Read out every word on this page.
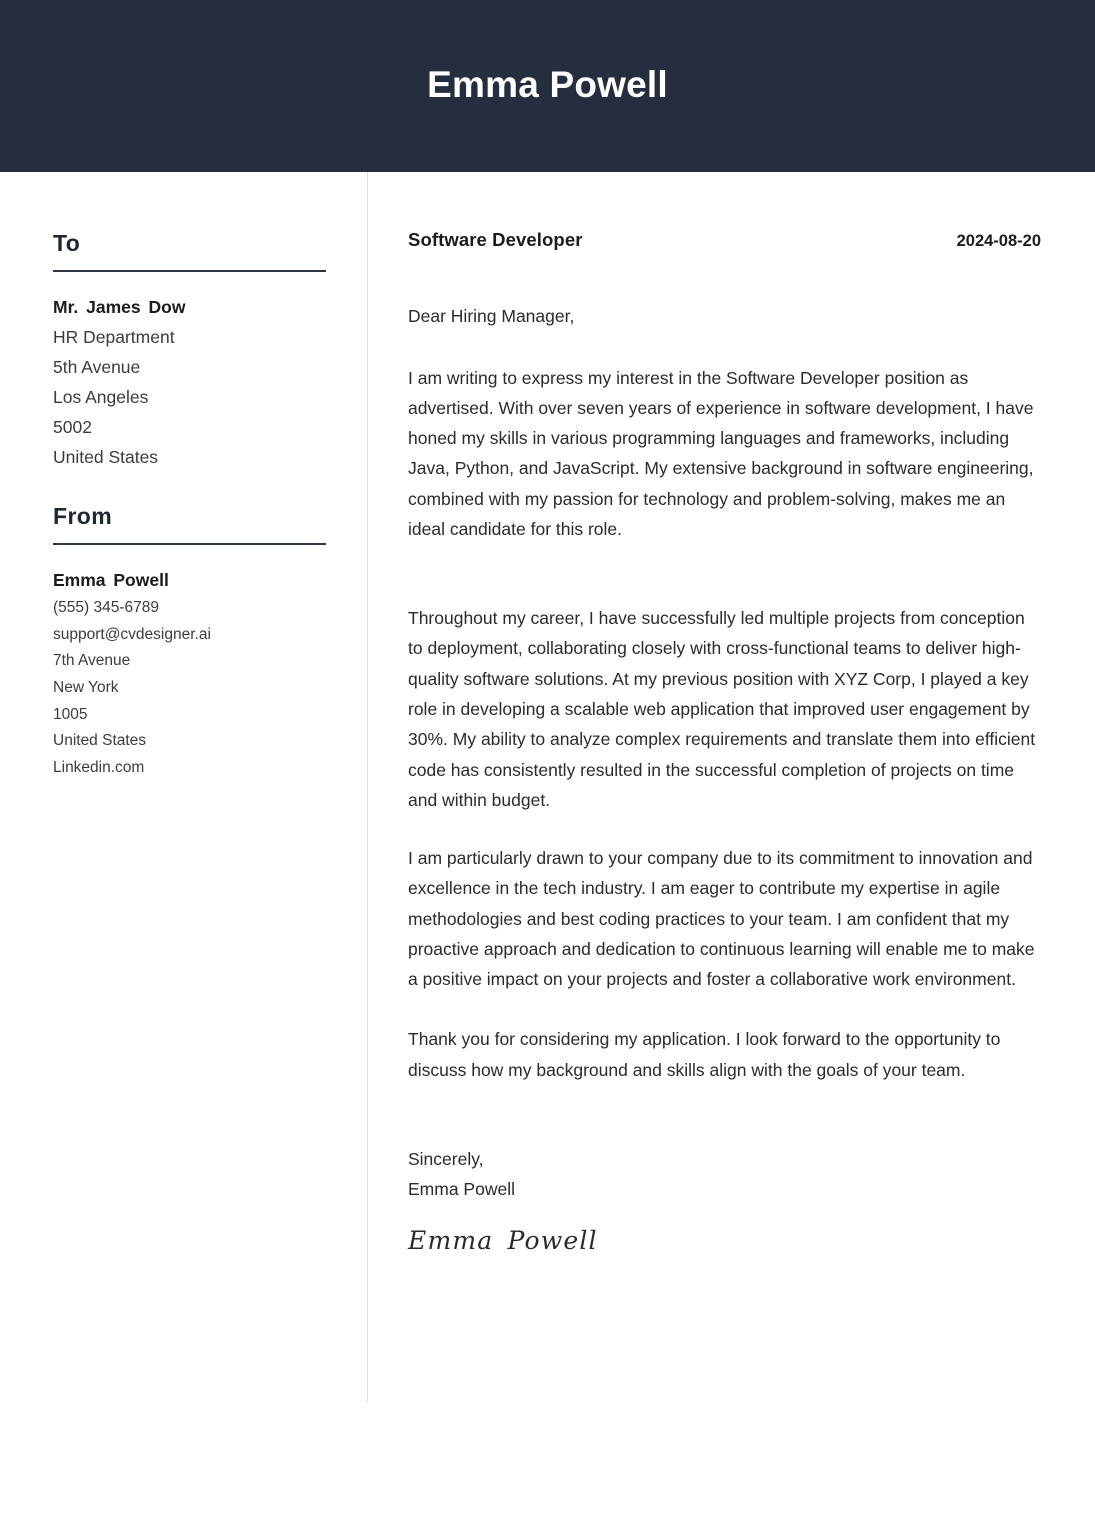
Emma Powell
To
Mr. James Dow
HR Department
5th Avenue
Los Angeles
5002
United States
From
Emma Powell
(555) 345-6789
support@cvdesigner.ai
7th Avenue
New York
1005
United States
Linkedin.com
Software Developer	2024-08-20
Dear Hiring Manager,
I am writing to express my interest in the Software Developer position as advertised. With over seven years of experience in software development, I have honed my skills in various programming languages and frameworks, including Java, Python, and JavaScript. My extensive background in software engineering, combined with my passion for technology and problem-solving, makes me an ideal candidate for this role.
Throughout my career, I have successfully led multiple projects from conception to deployment, collaborating closely with cross-functional teams to deliver high-quality software solutions. At my previous position with XYZ Corp, I played a key role in developing a scalable web application that improved user engagement by 30%. My ability to analyze complex requirements and translate them into efficient code has consistently resulted in the successful completion of projects on time and within budget.
I am particularly drawn to your company due to its commitment to innovation and excellence in the tech industry. I am eager to contribute my expertise in agile methodologies and best coding practices to your team. I am confident that my proactive approach and dedication to continuous learning will enable me to make a positive impact on your projects and foster a collaborative work environment.
Thank you for considering my application. I look forward to the opportunity to discuss how my background and skills align with the goals of your team.
Sincerely,
Emma Powell
Emma Powell
